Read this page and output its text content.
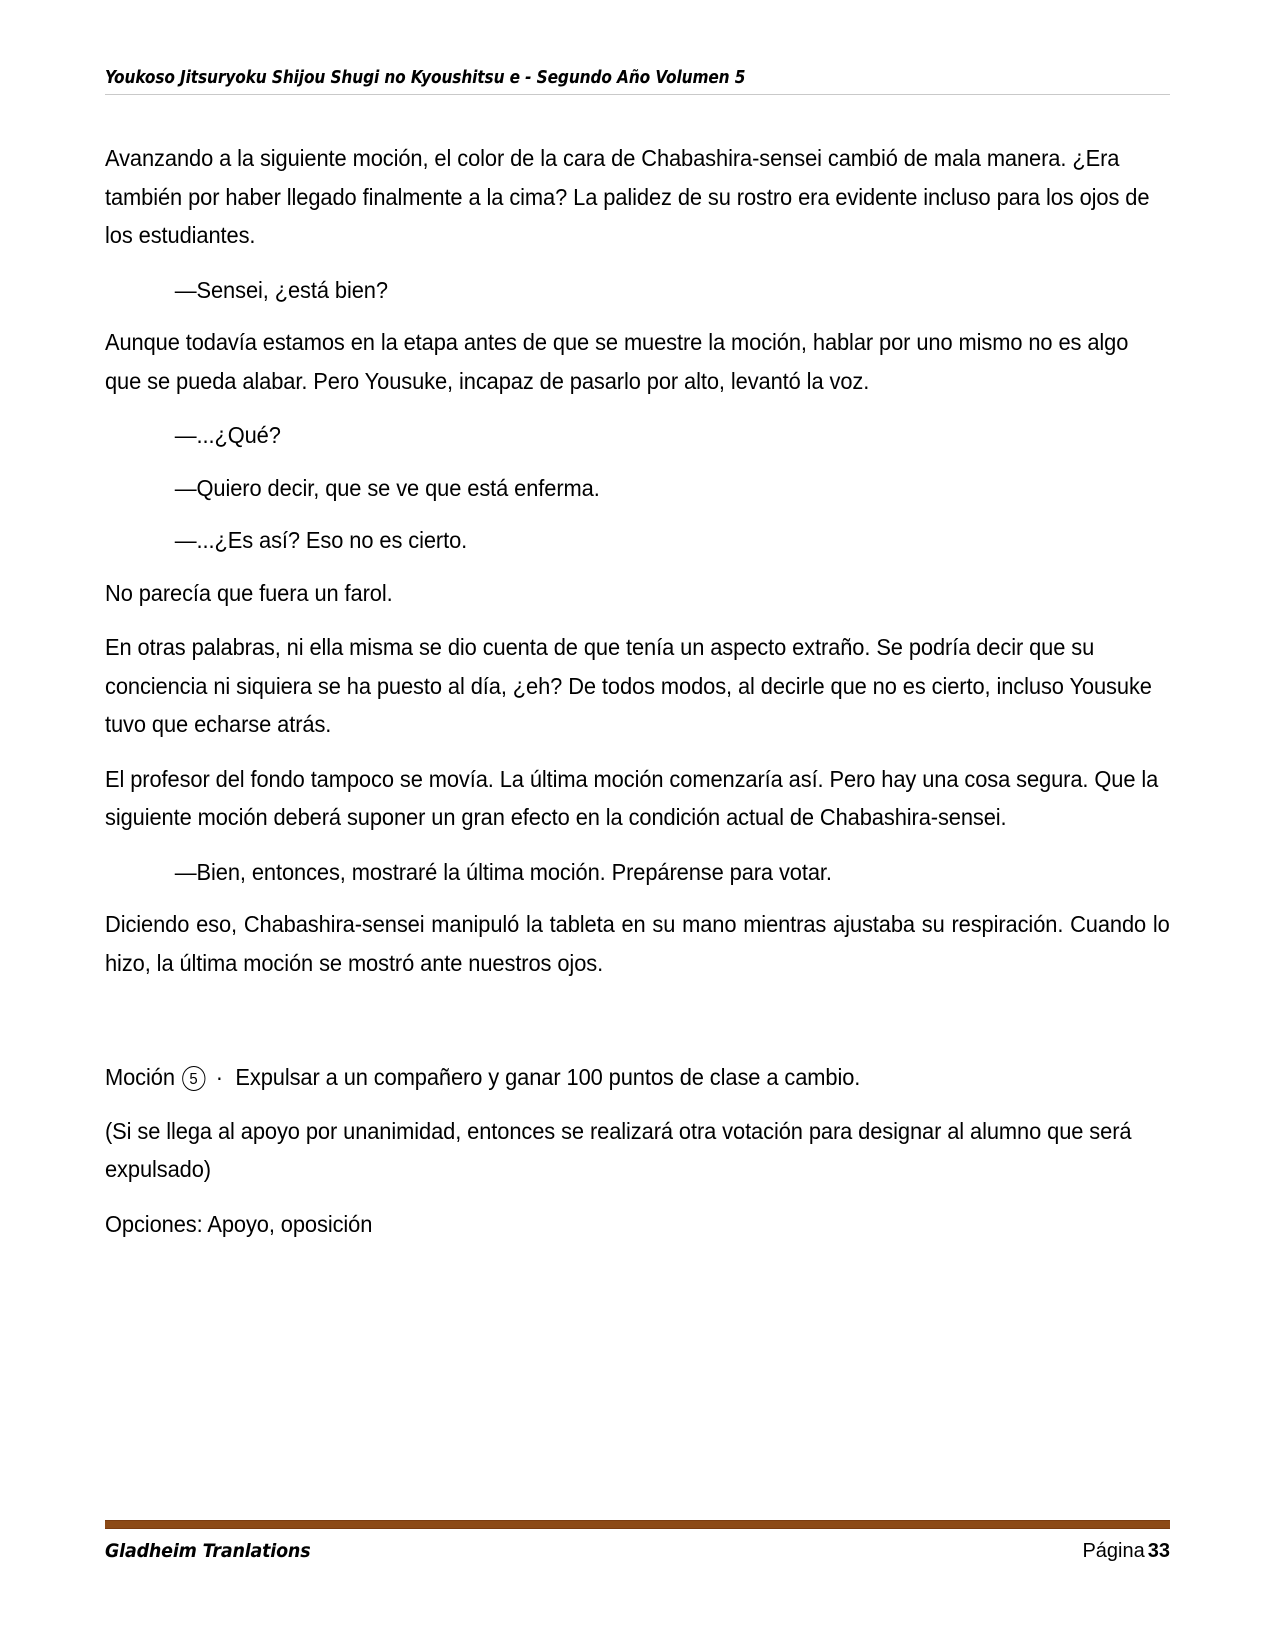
Youkoso Jitsuryoku Shijou Shugi no Kyoushitsu e - Segundo Año Volumen 5

Avanzando a la siguiente moción, el color de la cara de Chabashira-sensei cambió de mala manera. ¿Era también por haber llegado finalmente a la cima? La palidez de su rostro era evidente incluso para los ojos de los estudiantes.

—Sensei, ¿está bien?

Aunque todavía estamos en la etapa antes de que se muestre la moción, hablar por uno mismo no es algo que se pueda alabar. Pero Yousuke, incapaz de pasarlo por alto, levantó la voz.

—...¿Qué?

—Quiero decir, que se ve que está enferma.

—...¿Es así? Eso no es cierto.

No parecía que fuera un farol.

En otras palabras, ni ella misma se dio cuenta de que tenía un aspecto extraño. Se podría decir que su conciencia ni siquiera se ha puesto al día, ¿eh? De todos modos, al decirle que no es cierto, incluso Yousuke tuvo que echarse atrás.

El profesor del fondo tampoco se movía. La última moción comenzaría así. Pero hay una cosa segura. Que la siguiente moción deberá suponer un gran efecto en la condición actual de Chabashira-sensei.

—Bien, entonces, mostraré la última moción. Prepárense para votar.

Diciendo eso, Chabashira-sensei manipuló la tableta en su mano mientras ajustaba su respiración. Cuando lo hizo, la última moción se mostró ante nuestros ojos.

Moción 5 · Expulsar a un compañero y ganar 100 puntos de clase a cambio.

(Si se llega al apoyo por unanimidad, entonces se realizará otra votación para designar al alumno que será expulsado)

Opciones: Apoyo, oposición

Gladheim Tranlations	Página 33
